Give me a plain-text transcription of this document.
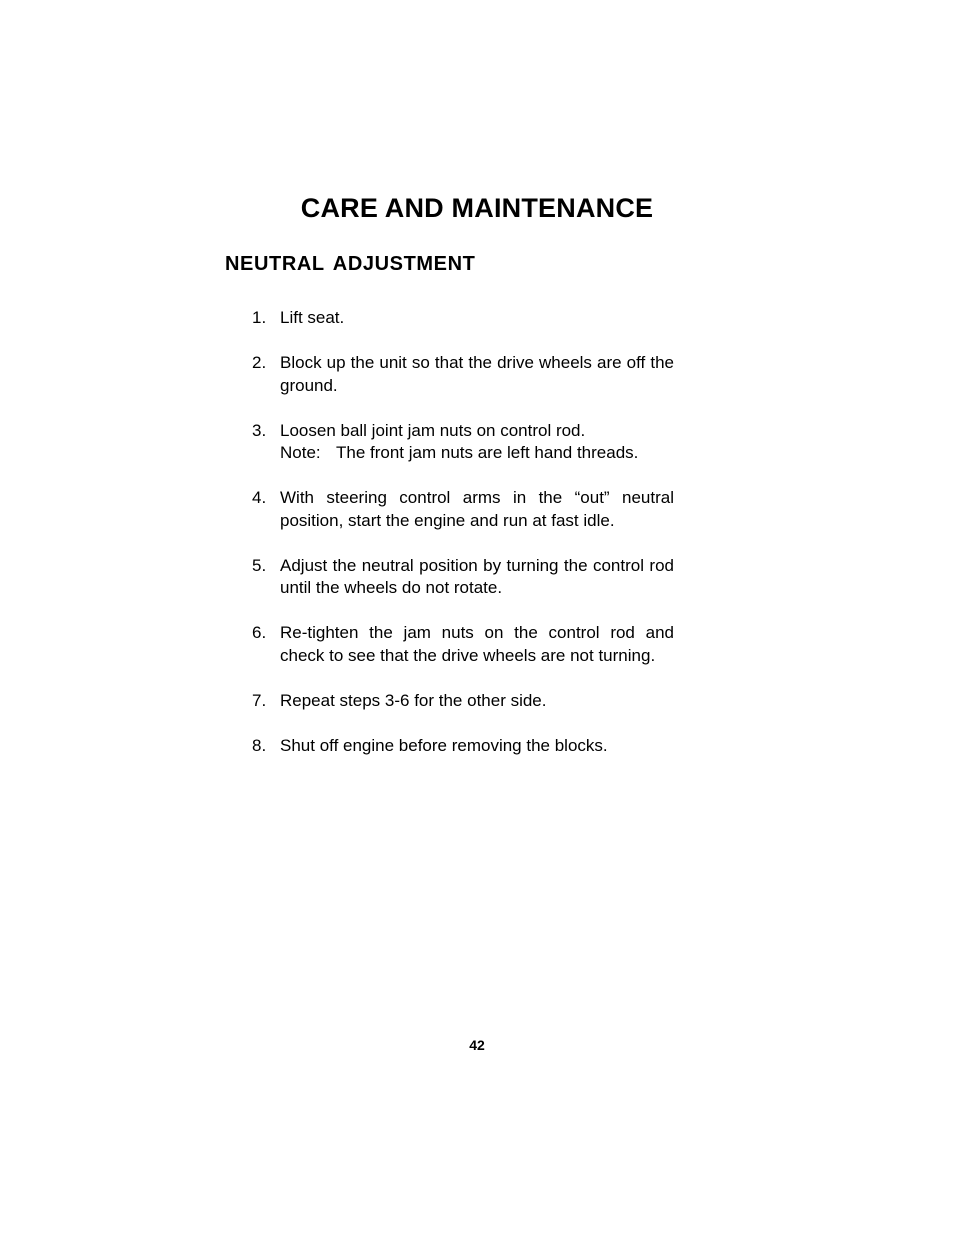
CARE AND MAINTENANCE
NEUTRAL ADJUSTMENT
1. Lift seat.
2. Block up the unit so that the drive wheels are off the ground.
3. Loosen ball joint jam nuts on control rod.
Note: The front jam nuts are left hand threads.
4. With steering control arms in the “out” neutral position, start the engine and run at fast idle.
5. Adjust the neutral position by turning the control rod until the wheels do not rotate.
6. Re-tighten the jam nuts on the control rod and check to see that the drive wheels are not turning.
7. Repeat steps 3-6 for the other side.
8. Shut off engine before removing the blocks.
42
